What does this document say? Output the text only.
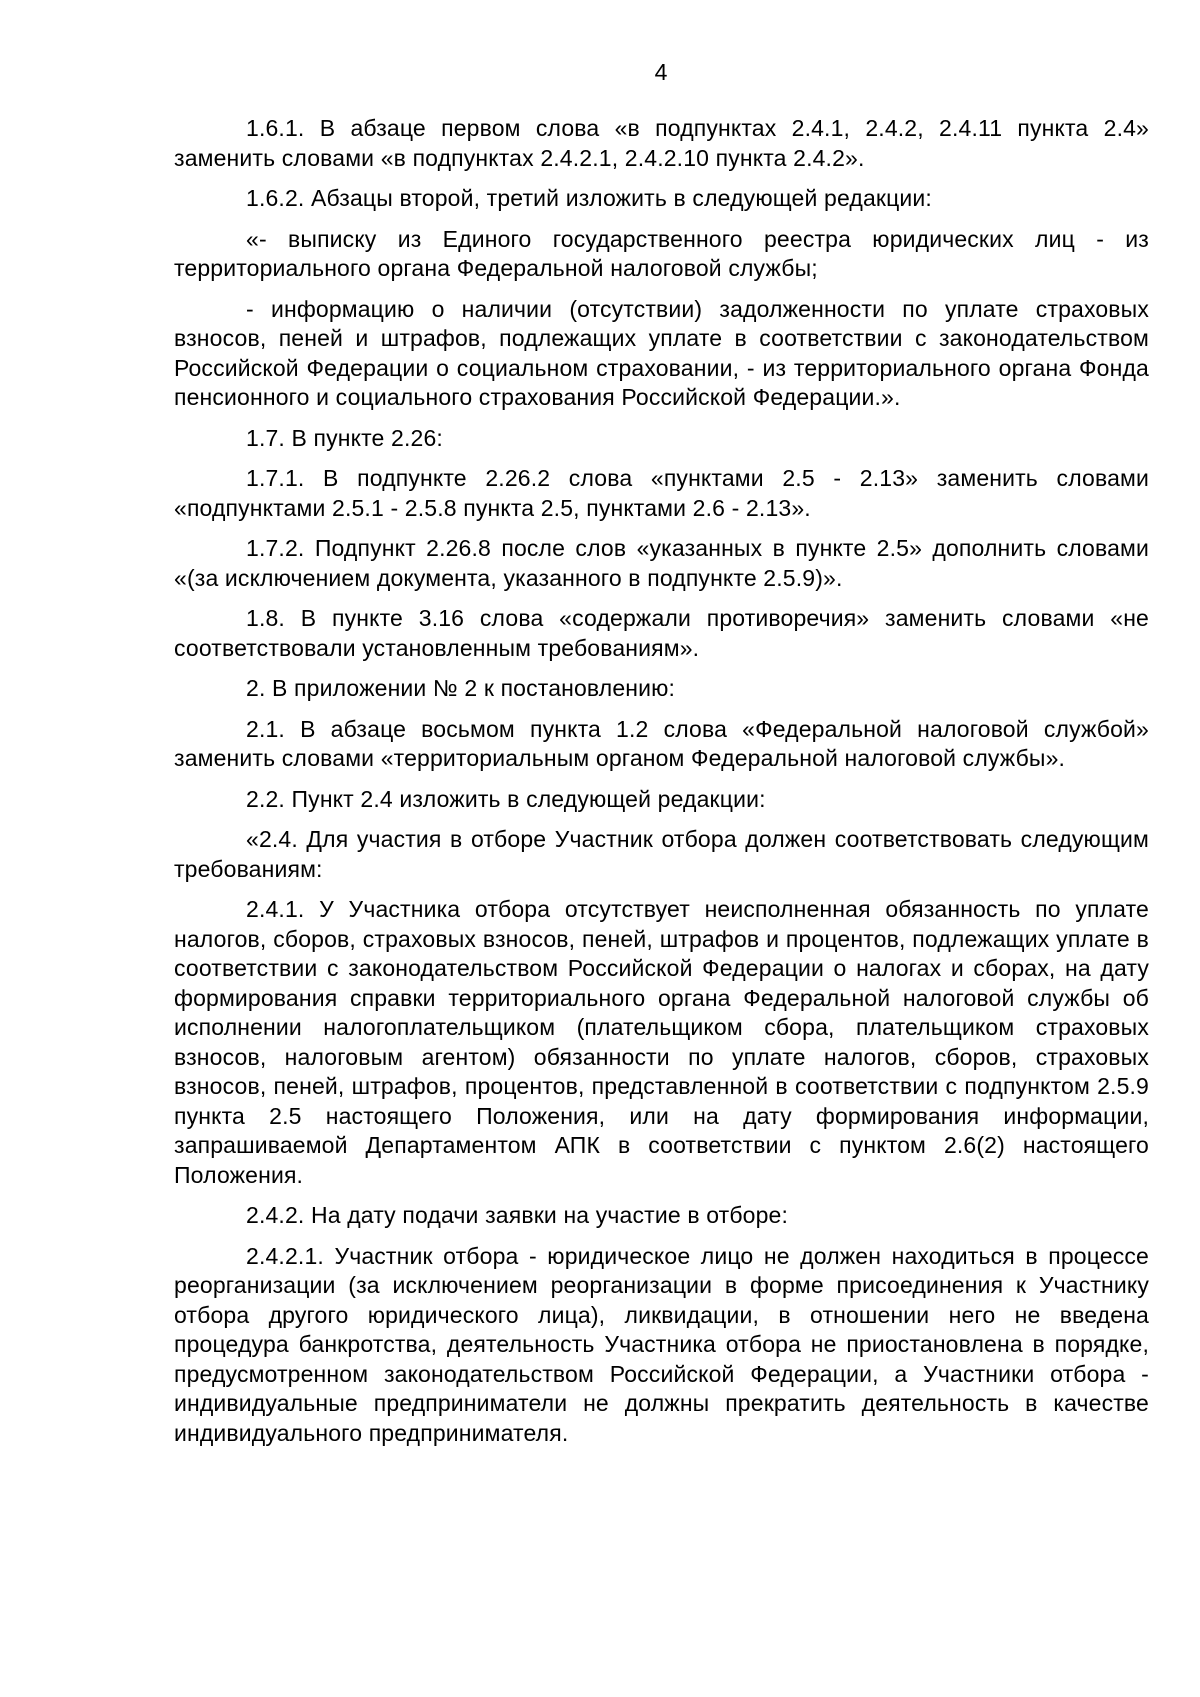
4

1.6.1. В абзаце первом слова «в подпунктах 2.4.1, 2.4.2, 2.4.11 пункта 2.4» заменить словами «в подпунктах 2.4.2.1, 2.4.2.10 пункта 2.4.2».

1.6.2. Абзацы второй, третий изложить в следующей редакции:

«- выписку из Единого государственного реестра юридических лиц - из территориального органа Федеральной налоговой службы;

- информацию о наличии (отсутствии) задолженности по уплате страховых взносов, пеней и штрафов, подлежащих уплате в соответствии с законодательством Российской Федерации о социальном страховании, - из территориального органа Фонда пенсионного и социального страхования Российской Федерации.».

1.7. В пункте 2.26:

1.7.1. В подпункте 2.26.2 слова «пунктами 2.5 - 2.13» заменить словами «подпунктами 2.5.1 - 2.5.8 пункта 2.5, пунктами 2.6 - 2.13».

1.7.2. Подпункт 2.26.8 после слов «указанных в пункте 2.5» дополнить словами «(за исключением документа, указанного в подпункте 2.5.9)».

1.8. В пункте 3.16 слова «содержали противоречия» заменить словами «не соответствовали установленным требованиям».

2. В приложении № 2 к постановлению:

2.1. В абзаце восьмом пункта 1.2 слова «Федеральной налоговой службой» заменить словами «территориальным органом Федеральной налоговой службы».

2.2. Пункт 2.4 изложить в следующей редакции:

«2.4. Для участия в отборе Участник отбора должен соответствовать следующим требованиям:

2.4.1. У Участника отбора отсутствует неисполненная обязанность по уплате налогов, сборов, страховых взносов, пеней, штрафов и процентов, подлежащих уплате в соответствии с законодательством Российской Федерации о налогах и сборах, на дату формирования справки территориального органа Федеральной налоговой службы об исполнении налогоплательщиком (плательщиком сбора, плательщиком страховых взносов, налоговым агентом) обязанности по уплате налогов, сборов, страховых взносов, пеней, штрафов, процентов, представленной в соответствии с подпунктом 2.5.9 пункта 2.5 настоящего Положения, или на дату формирования информации, запрашиваемой Департаментом АПК в соответствии с пунктом 2.6(2) настоящего Положения.

2.4.2. На дату подачи заявки на участие в отборе:

2.4.2.1. Участник отбора - юридическое лицо не должен находиться в процессе реорганизации (за исключением реорганизации в форме присоединения к Участнику отбора другого юридического лица), ликвидации, в отношении него не введена процедура банкротства, деятельность Участника отбора не приостановлена в порядке, предусмотренном законодательством Российской Федерации, а Участники отбора - индивидуальные предприниматели не должны прекратить деятельность в качестве индивидуального предпринимателя.
